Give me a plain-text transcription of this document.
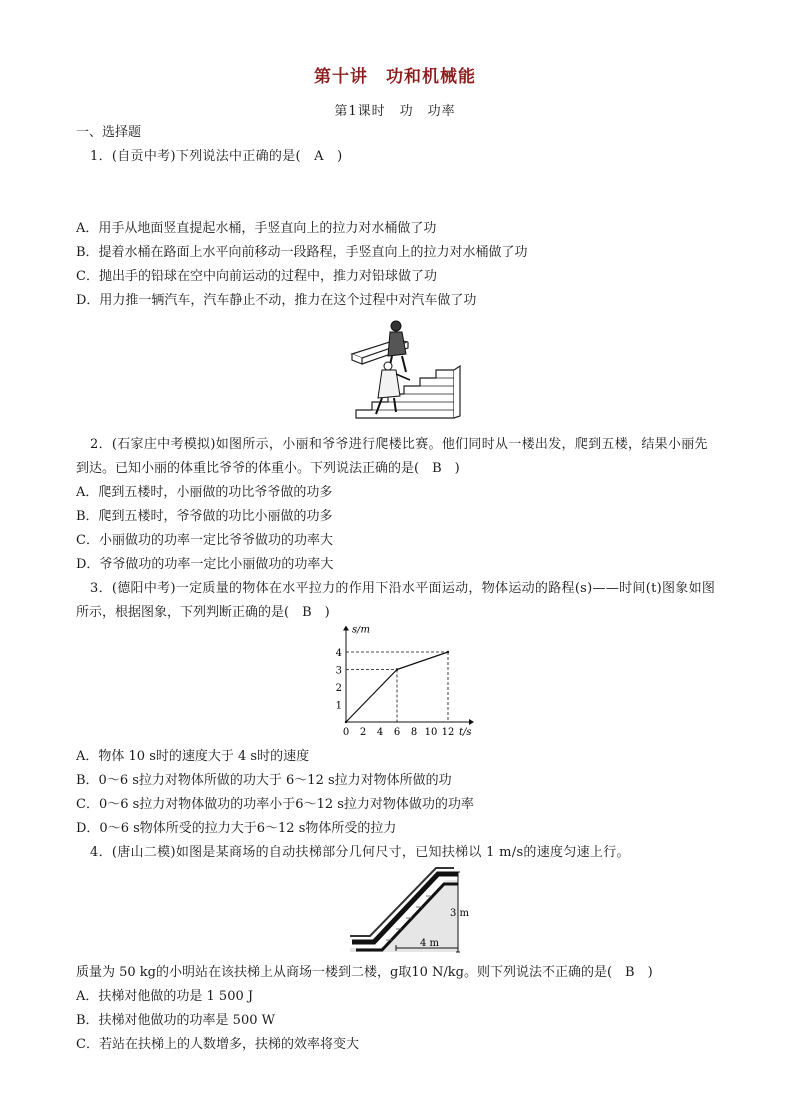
第十讲　功和机械能
第1课时　功　功率
一、选择题
1．(自贡中考)下列说法中正确的是(　A　)
A．用手从地面竖直提起水桶，手竖直向上的拉力对水桶做了功
B．提着水桶在路面上水平向前移动一段路程，手竖直向上的拉力对水桶做了功
C．抛出手的铅球在空中向前运动的过程中，推力对铅球做了功
D．用力推一辆汽车，汽车静止不动，推力在这个过程中对汽车做了功
2．(石家庄中考模拟)如图所示，小丽和爷爷进行爬楼比赛。他们同时从一楼出发，爬到五楼，结果小丽先
到达。已知小丽的体重比爷爷的体重小。下列说法正确的是(　B　)
A．爬到五楼时，小丽做的功比爷爷做的功多
B．爬到五楼时，爷爷做的功比小丽做的功多
C．小丽做功的功率一定比爷爷做功的功率大
D．爷爷做功的功率一定比小丽做功的功率大
3．(德阳中考)一定质量的物体在水平拉力的作用下沿水平面运动，物体运动的路程(s)——时间(t)图象如图
所示，根据图象，下列判断正确的是(　B　)
s/m
t/s
0 2 4 6 8 10 12
1
2
3
4
A．物体 10 s时的速度大于 4 s时的速度
B．0～6 s拉力对物体所做的功大于 6～12 s拉力对物体所做的功
C．0～6 s拉力对物体做功的功率小于6～12 s拉力对物体做功的功率
D．0～6 s物体所受的拉力大于6～12 s物体所受的拉力
4．(唐山二模)如图是某商场的自动扶梯部分几何尺寸，已知扶梯以 1 m/s的速度匀速上行。
3 m
4 m
质量为 50 kg的小明站在该扶梯上从商场一楼到二楼，g取10 N/kg。则下列说法不正确的是(　B　)
A．扶梯对他做的功是 1 500 J
B．扶梯对他做功的功率是 500 W
C．若站在扶梯上的人数增多，扶梯的效率将变大
